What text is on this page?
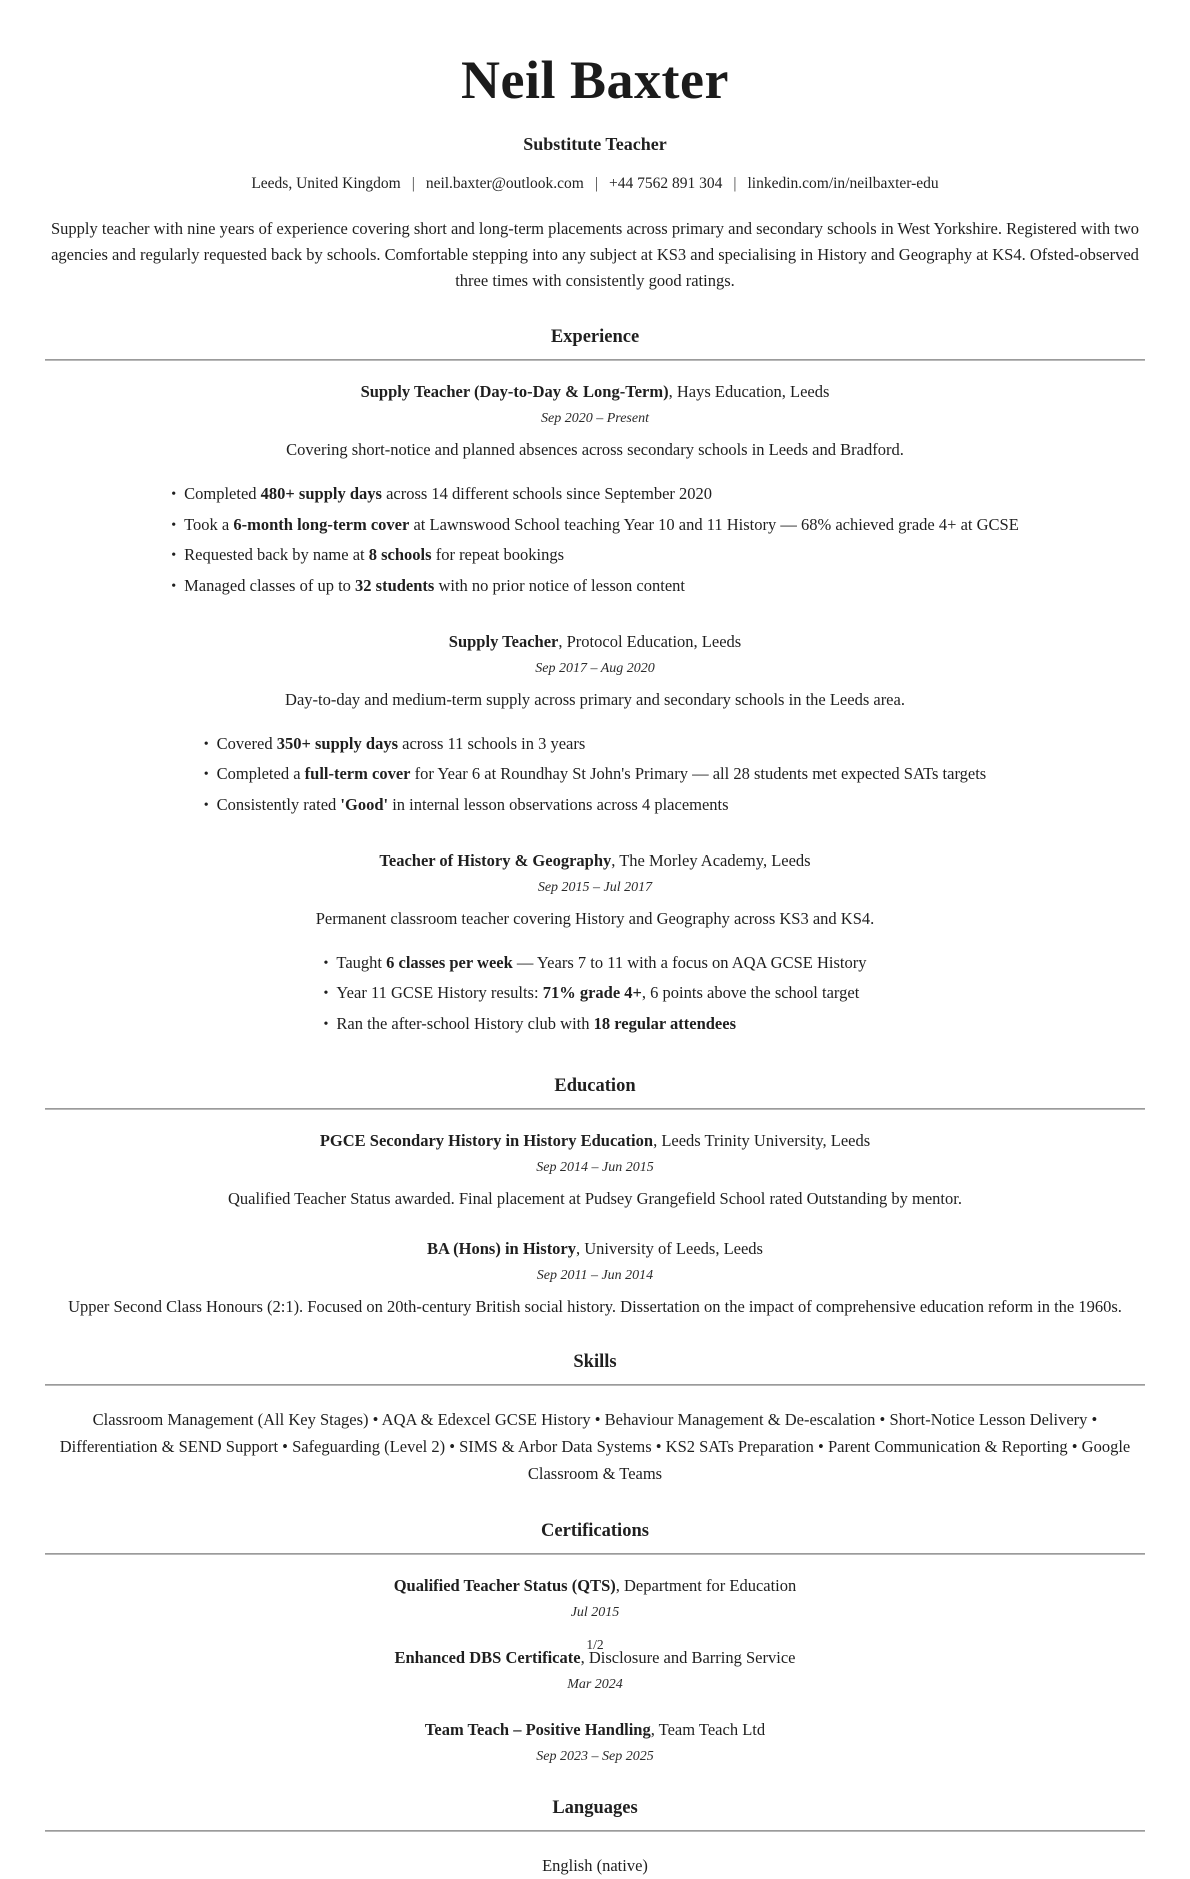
Neil Baxter

Substitute Teacher

Leeds, United Kingdom | neil.baxter@outlook.com | +44 7562 891 304 | linkedin.com/in/neilbaxter-edu

Supply teacher with nine years of experience covering short and long-term placements across primary and secondary schools in West Yorkshire. Registered with two agencies and regularly requested back by schools. Comfortable stepping into any subject at KS3 and specialising in History and Geography at KS4. Ofsted-observed three times with consistently good ratings.

Experience

Supply Teacher (Day-to-Day & Long-Term), Hays Education, Leeds

Sep 2020 – Present

Covering short-notice and planned absences across secondary schools in Leeds and Bradford.

• Completed 480+ supply days across 14 different schools since September 2020
• Took a 6-month long-term cover at Lawnswood School teaching Year 10 and 11 History — 68% achieved grade 4+ at GCSE
• Requested back by name at 8 schools for repeat bookings
• Managed classes of up to 32 students with no prior notice of lesson content

Supply Teacher, Protocol Education, Leeds

Sep 2017 – Aug 2020

Day-to-day and medium-term supply across primary and secondary schools in the Leeds area.

• Covered 350+ supply days across 11 schools in 3 years
• Completed a full-term cover for Year 6 at Roundhay St John's Primary — all 28 students met expected SATs targets
• Consistently rated 'Good' in internal lesson observations across 4 placements

Teacher of History & Geography, The Morley Academy, Leeds

Sep 2015 – Jul 2017

Permanent classroom teacher covering History and Geography across KS3 and KS4.

• Taught 6 classes per week — Years 7 to 11 with a focus on AQA GCSE History
• Year 11 GCSE History results: 71% grade 4+, 6 points above the school target
• Ran the after-school History club with 18 regular attendees
Education

PGCE Secondary History in History Education, Leeds Trinity University, Leeds

Sep 2014 – Jun 2015

Qualified Teacher Status awarded. Final placement at Pudsey Grangefield School rated Outstanding by mentor.

BA (Hons) in History, University of Leeds, Leeds

Sep 2011 – Jun 2014

Upper Second Class Honours (2:1). Focused on 20th-century British social history. Dissertation on the impact of comprehensive education reform in the 1960s.

Skills

Classroom Management (All Key Stages) • AQA & Edexcel GCSE History • Behaviour Management & De-escalation • Short-Notice Lesson Delivery • Differentiation & SEND Support • Safeguarding (Level 2) • SIMS & Arbor Data Systems • KS2 SATs Preparation • Parent Communication & Reporting • Google Classroom & Teams

Certifications

Qualified Teacher Status (QTS), Department for Education

Jul 2015

Enhanced DBS Certificate, Disclosure and Barring Service

Mar 2024

Team Teach – Positive Handling, Team Teach Ltd

Sep 2023 – Sep 2025

Languages

English (native)

1/2
